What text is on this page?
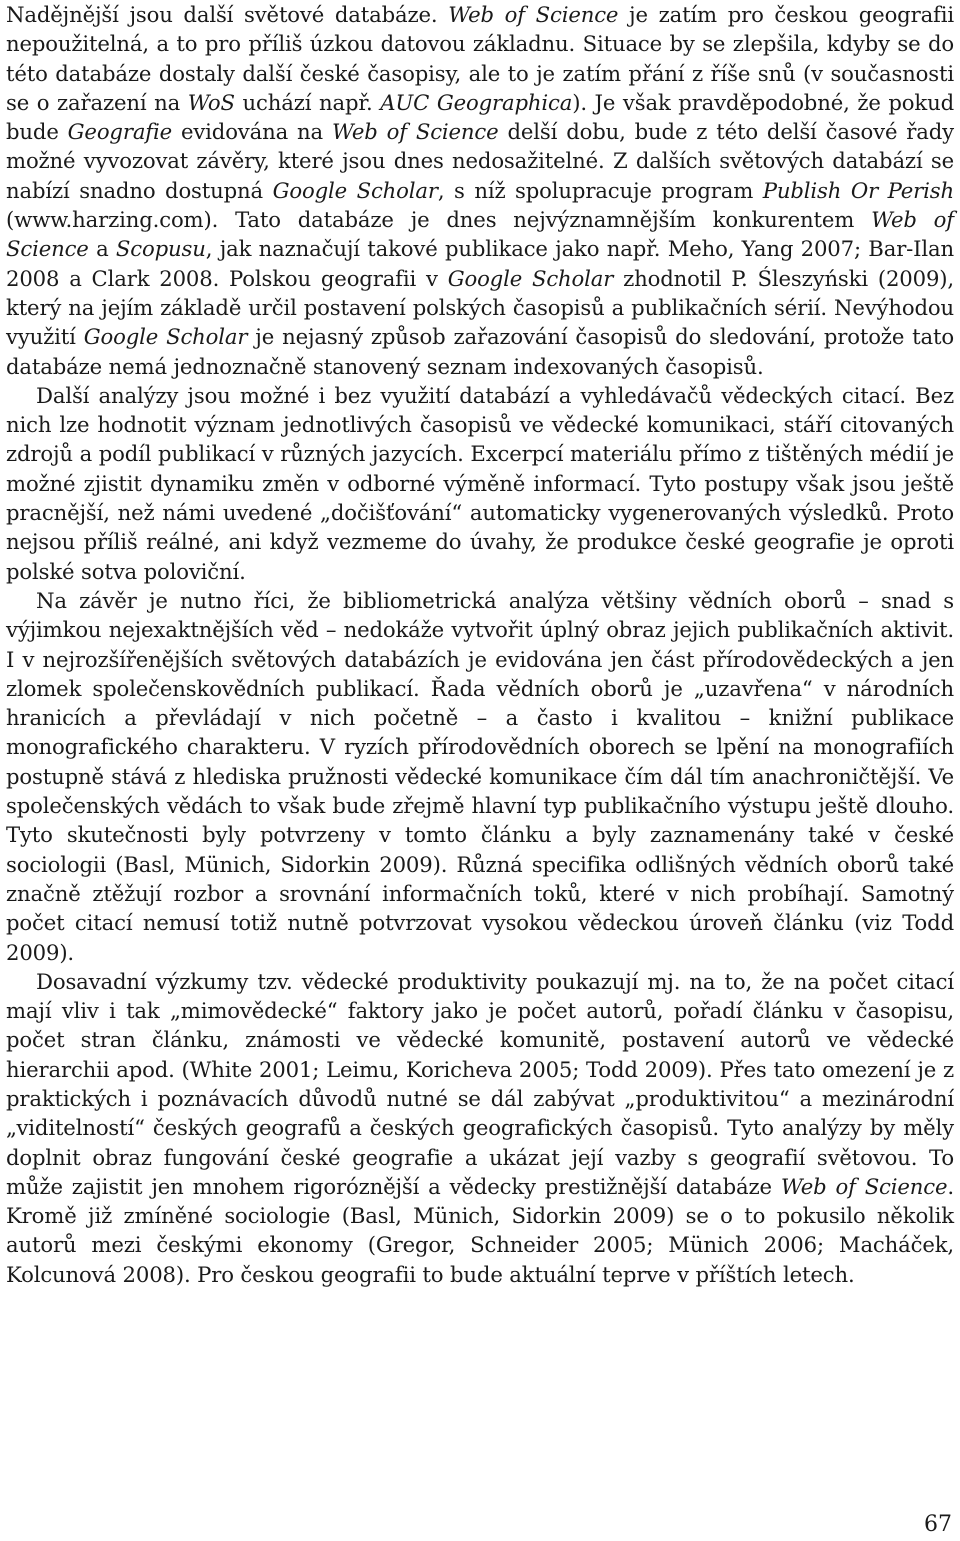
Nadějnější jsou další světové databáze. Web of Science je zatím pro českou geografii nepoužitelná, a to pro příliš úzkou datovou základnu. Situace by se zlepšila, kdyby se do této databáze dostaly další české časopisy, ale to je zatím přání z říše snů (v současnosti se o zařazení na WoS uchází např. AUC Geographica). Je však pravděpodobné, že pokud bude Geografie evidována na Web of Science delší dobu, bude z této delší časové řady možné vyvozovat závěry, které jsou dnes nedosažitelné. Z dalších světových databází se nabízí snadno dostupná Google Scholar, s níž spolupracuje program Publish Or Perish (www.​harzing.com). Tato databáze je dnes nejvýznamnějším konkurentem Web of Science a Scopusu, jak naznačují takové publikace jako např. Meho, Yang 2007; Bar-Ilan 2008 a Clark 2008. Polskou geografii v Google Scholar zhodnotil P. Śleszyński (2009), který na jejím základě určil postavení polských časopisů a publikačních sérií. Nevýhodou využití Google Scholar je nejasný způsob zařazování časopisů do sledování, protože tato databáze nemá jednoznačně stanovený seznam indexovaných časopisů.

Další analýzy jsou možné i bez využití databází a vyhledávačů vědeckých citací. Bez nich lze hodnotit význam jednotlivých časopisů ve vědecké komunikaci, stáří citovaných zdrojů a podíl publikací v různých jazycích. Excerpcí materiálu přímo z tištěných médií je možné zjistit dynamiku změn v odborné výměně informací. Tyto postupy však jsou ještě pracnější, než námi uvedené „dočišťování“ automaticky vygenerovaných výsledků. Proto nejsou příliš reálné, ani když vezmeme do úvahy, že produkce české geografie je oproti polské sotva poloviční.

Na závěr je nutno říci, že bibliometrická analýza většiny vědních oborů – snad s výjimkou nejexaktnějších věd – nedokáže vytvořit úplný obraz jejich publikačních aktivit. I v nejrozšířenějších světových databázích je evidována jen část přírodovědeckých a jen zlomek společenskovědních publikací. Řada vědních oborů je „uzavřena“ v národních hranicích a převládají v nich početně – a často i kvalitou – knižní publikace monografického charakteru. V ryzích přírodovědních oborech se lpění na monografiích postupně stává z hlediska pružnosti vědecké komunikace čím dál tím anachroničtější. Ve společenských vědách to však bude zřejmě hlavní typ publikačního výstupu ještě dlouho. Tyto skutečnosti byly potvrzeny v tomto článku a byly zaznamenány také v české sociologii (Basl, Münich, Sidorkin 2009). Různá specifika odlišných vědních oborů také značně ztěžují rozbor a srovnání informačních toků, které v nich probíhají. Samotný počet citací nemusí totiž nutně potvrzovat vysokou vědeckou úroveň článku (viz Todd 2009).

Dosavadní výzkumy tzv. vědecké produktivity poukazují mj. na to, že na počet citací mají vliv i tak „mimovědecké“ faktory jako je počet autorů, pořadí článku v časopisu, počet stran článku, známosti ve vědecké komunitě, postavení autorů ve vědecké hierarchii apod. (White 2001; Leimu, Koricheva 2005; Todd 2009). Přes tato omezení je z praktických i poznávacích důvodů nutné se dál zabývat „produktivitou“ a mezinárodní „viditelností“ českých geografů a českých geografických časopisů. Tyto analýzy by měly doplnit obraz fungování české geografie a ukázat její vazby s geografií světovou. To může zajistit jen mnohem rigoróznější a vědecky prestižnější databáze Web of Science. Kromě již zmíněné sociologie (Basl, Münich, Sidorkin 2009) se o to pokusilo několik autorů mezi českými ekonomy (Gregor, Schneider 2005; Münich 2006; Macháček, Kolcunová 2008). Pro českou geografii to bude aktuální teprve v příštích letech.

67
